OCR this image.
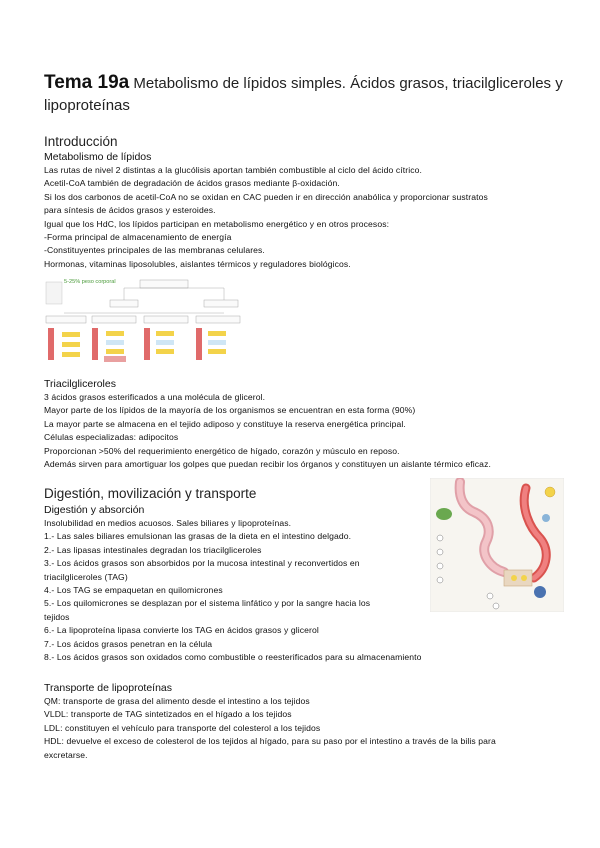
Tema 19a Metabolismo de lípidos simples. Ácidos grasos, triacilgliceroles y lipoproteínas
Introducción
Metabolismo de lípidos
Las rutas de nivel 2 distintas a la glucólisis aportan también combustible al ciclo del ácido cítrico.
Acetil-CoA también de degradación de ácidos grasos mediante β-oxidación.
Si los dos carbonos de acetil-CoA no se oxidan en CAC pueden ir en dirección anabólica y proporcionar sustratos
para síntesis de ácidos grasos y esteroides.
Igual que los HdC, los lípidos participan en metabolismo energético y en otros procesos:
-Forma principal de almacenamiento de energía
-Constituyentes principales de las membranas celulares.
Hormonas, vitaminas liposolubles, aislantes térmicos y reguladores biológicos.
5-25% peso corporal
Triacilgliceroles
3 ácidos grasos esterificados a una molécula de glicerol.
Mayor parte de los lípidos de la mayoría de los organismos se encuentran en esta forma (90%)
La mayor parte se almacena en el tejido adiposo y constituye la reserva energética principal.
Células especializadas: adipocitos
Proporcionan >50% del requerimiento energético de hígado, corazón y músculo en reposo.
Además sirven para amortiguar los golpes que puedan recibir los órganos y constituyen un aislante térmico eficaz.
Digestión, movilización y transporte
Digestión y absorción
Insolubilidad en medios acuosos. Sales biliares y lipoproteínas.
1.- Las sales biliares emulsionan las grasas de la dieta en el intestino delgado.
2.- Las lipasas intestinales degradan los triacilgliceroles
3.- Los ácidos grasos son absorbidos por la mucosa intestinal y reconvertidos en
triacilgliceroles (TAG)
4.- Los TAG se empaquetan en quilomicrones
5.- Los quilomicrones se desplazan por el sistema linfático y por la sangre hacia los
tejidos
6.- La lipoproteína lipasa convierte los TAG en ácidos grasos y glicerol
7.- Los ácidos grasos penetran en la célula
8.- Los ácidos grasos son oxidados como combustible o reesterificados para su almacenamiento
Transporte de lipoproteínas
QM: transporte de grasa del alimento desde el intestino a los tejidos
VLDL: transporte de TAG sintetizados en el hígado a los tejidos
LDL: constituyen el vehículo para transporte del colesterol a los tejidos
HDL: devuelve el exceso de colesterol de los tejidos al hígado, para su paso por el intestino a través de la bilis para
excretarse.
